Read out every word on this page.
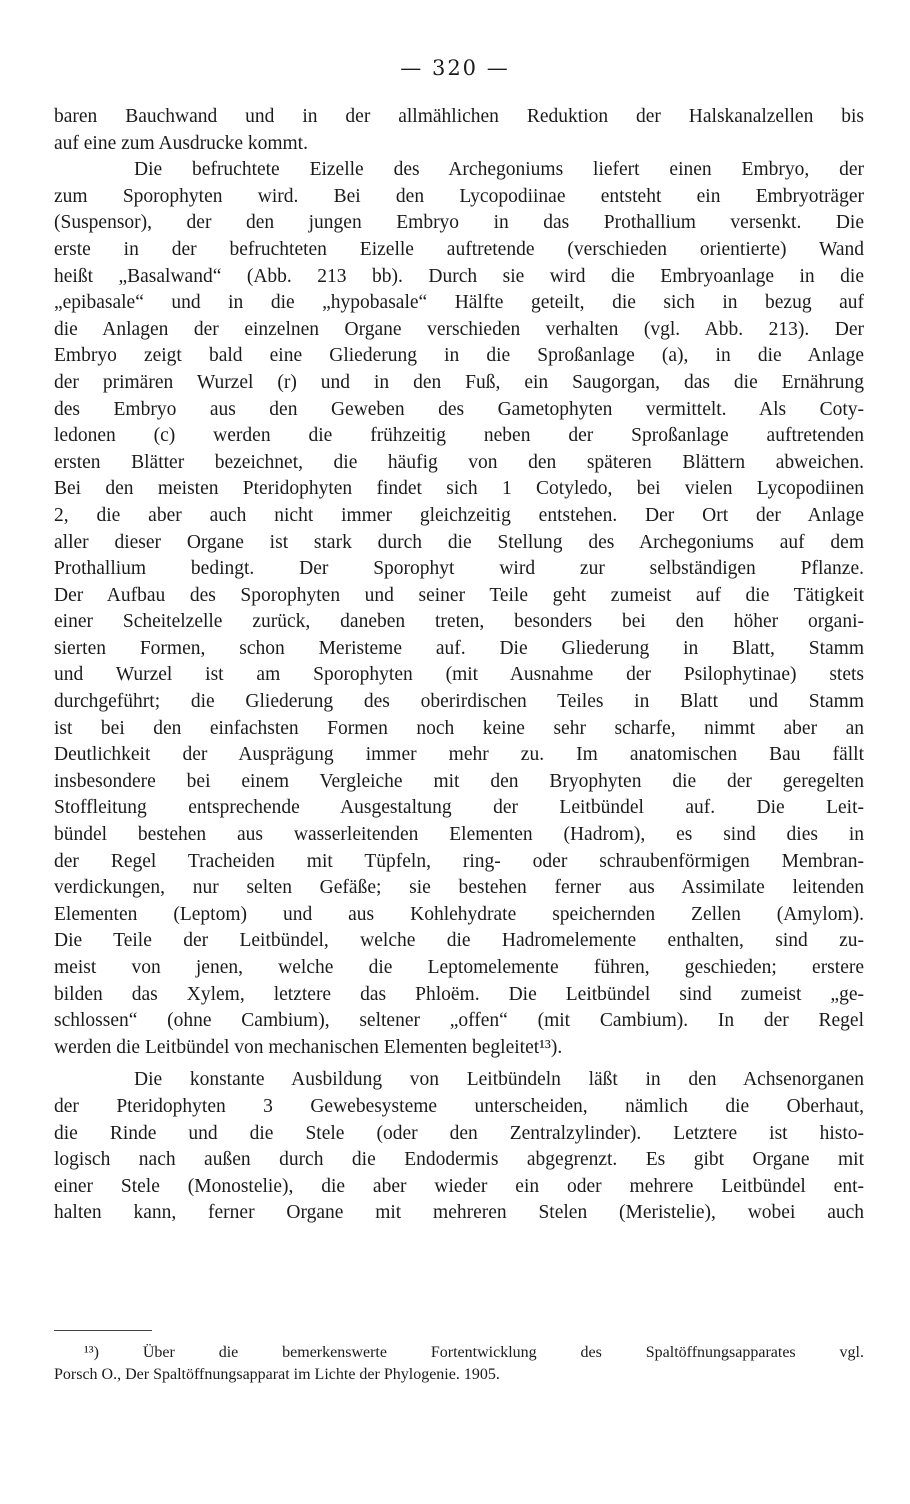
— 320 —
baren Bauchwand und in der allmählichen Reduktion der Halskanalzellen bis
auf eine zum Ausdrucke kommt.
Die befruchtete Eizelle des Archegoniums liefert einen Embryo, der
zum Sporophyten wird. Bei den Lycopodiinae entsteht ein Embryoträger
(Suspensor), der den jungen Embryo in das Prothallium versenkt. Die
erste in der befruchteten Eizelle auftretende (verschieden orientierte) Wand
heißt „Basalwand“ (Abb. 213 bb). Durch sie wird die Embryoanlage in die
„epibasale“ und in die „hypobasale“ Hälfte geteilt, die sich in bezug auf
die Anlagen der einzelnen Organe verschieden verhalten (vgl. Abb. 213). Der
Embryo zeigt bald eine Gliederung in die Sproßanlage (a), in die Anlage
der primären Wurzel (r) und in den Fuß, ein Saugorgan, das die Ernährung
des Embryo aus den Geweben des Gametophyten vermittelt. Als Coty-
ledonen (c) werden die frühzeitig neben der Sproßanlage auftretenden
ersten Blätter bezeichnet, die häufig von den späteren Blättern abweichen.
Bei den meisten Pteridophyten findet sich 1 Cotyledo, bei vielen Lycopodiinen
2, die aber auch nicht immer gleichzeitig entstehen. Der Ort der Anlage
aller dieser Organe ist stark durch die Stellung des Archegoniums auf dem
Prothallium bedingt. Der Sporophyt wird zur selbständigen Pflanze.
Der Aufbau des Sporophyten und seiner Teile geht zumeist auf die Tätigkeit
einer Scheitelzelle zurück, daneben treten, besonders bei den höher organi-
sierten Formen, schon Meristeme auf. Die Gliederung in Blatt, Stamm
und Wurzel ist am Sporophyten (mit Ausnahme der Psilophytinae) stets
durchgeführt; die Gliederung des oberirdischen Teiles in Blatt und Stamm
ist bei den einfachsten Formen noch keine sehr scharfe, nimmt aber an
Deutlichkeit der Ausprägung immer mehr zu. Im anatomischen Bau fällt
insbesondere bei einem Vergleiche mit den Bryophyten die der geregelten
Stoffleitung entsprechende Ausgestaltung der Leitbündel auf. Die Leit-
bündel bestehen aus wasserleitenden Elementen (Hadrom), es sind dies in
der Regel Tracheiden mit Tüpfeln, ring- oder schraubenförmigen Membran-
verdickungen, nur selten Gefäße; sie bestehen ferner aus Assimilate leitenden
Elementen (Leptom) und aus Kohlehydrate speichernden Zellen (Amylom).
Die Teile der Leitbündel, welche die Hadromelemente enthalten, sind zu-
meist von jenen, welche die Leptomelemente führen, geschieden; erstere
bilden das Xylem, letztere das Phloëm. Die Leitbündel sind zumeist „ge-
schlossen“ (ohne Cambium), seltener „offen“ (mit Cambium). In der Regel
werden die Leitbündel von mechanischen Elementen begleitet¹³).
Die konstante Ausbildung von Leitbündeln läßt in den Achsenorganen
der Pteridophyten 3 Gewebesysteme unterscheiden, nämlich die Oberhaut,
die Rinde und die Stele (oder den Zentralzylinder). Letztere ist histo-
logisch nach außen durch die Endodermis abgegrenzt. Es gibt Organe mit
einer Stele (Monostelie), die aber wieder ein oder mehrere Leitbündel ent-
halten kann, ferner Organe mit mehreren Stelen (Meristelie), wobei auch
¹³) Über die bemerkenswerte Fortentwicklung des Spaltöffnungsapparates vgl.
Porsch O., Der Spaltöffnungsapparat im Lichte der Phylogenie. 1905.
